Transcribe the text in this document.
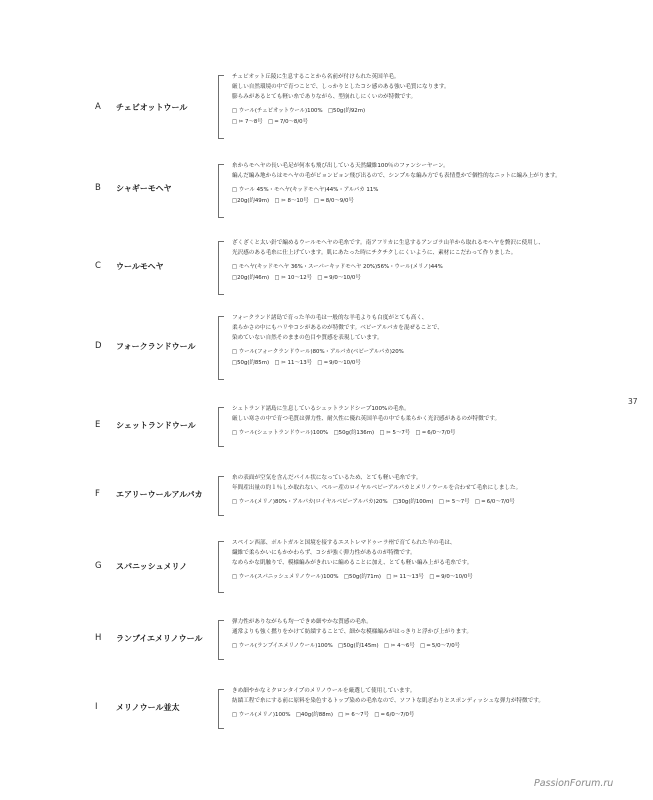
A チェビオットウール
チェビオット丘陵に生息することから名前が付けられた英国羊毛。
厳しい自然環境の中で育つことで、しっかりとしたコシ感のある強い毛質になります。
膨らみがあるとても軽い糸でありながら、型崩れしにくいのが特徴です。
□ ウール(チェビオットウール)100%　□50g(約92m)
□ ✂ 7～8号　□ ━ 7/0～8/0号
B シャギーモヘヤ
糸からモヘヤの長い毛足が何本も飛び出している天然繊維100％のファンシーヤーン。
編んだ編み地からはモヘヤの毛がビョンビョン飛び出るので、シンプルな編み方でも表情豊かで個性的なニットに編み上がります。
□ ウール 45%・モヘヤ(キッドモヘヤ)44%・アルパカ 11%
□20g(約49m)　□ ✂ 8～10号　□ ━ 8/0～9/0号
C ウールモヘヤ
ざくざくと太い針で編めるウールモヘヤの毛糸です。南アフリカに生息するアンゴラ山羊から取れるモヘヤを贅沢に使用し、
光沢感のある毛糸に仕上げています。肌にあたった時にチクチクしにくいように、素材にこだわって作りました。
□ モヘヤ(キッドモヘヤ 36%・スーパーキッドモヘヤ 20%)56%・ウール(メリノ)44%
□20g(約46m)　□ ✂ 10～12号　□ ━ 9/0～10/0号
D フォークランドウール
フォークランド諸島で育った羊の毛は一般的な羊毛よりも白度がとても高く、
柔らかさの中にもハリやコシがあるのが特徴です。ベビーアルパカを混ぜることで、
染めていない自然そのままの色目や質感を表現しています。
□ ウール(フォークランドウール)80%・アルパカ(ベビーアルパカ)20%
□50g(約85m)　□ ✂ 11～13号　□ ━ 9/0～10/0号
E シェットランドウール
シェトランド諸島に生息しているシェットランドシープ100%の毛糸。
厳しい寒さの中で育つ毛質は弾力性、耐久性に優れ英国羊毛の中でも柔らかく光沢感があるのが特徴です。
□ ウール(シェットランドウール)100%　□50g(約136m)　□ ✂ 5～7号　□ ━ 6/0～7/0号
F エアリーウールアルパカ
糸の表面が空気を含んだパイル状になっているため、とても軽い毛糸です。
年間産出量の約１％しか取れない、ペルー産のロイヤルベビーアルパカとメリノウールを合わせて毛糸にしました。
□ ウール(メリノ)80%・アルパカ(ロイヤルベビーアルパカ)20%　□30g(約100m)　□ ✂ 5～7号　□ ━ 6/0～7/0号
G スパニッシュメリノ
スペイン西部、ポルトガルと国境を接するエストレマドゥーラ州で育てられた羊の毛は、
繊維で柔らかいにもかかわらず、コシが強く弾力性があるのが特徴です。
なめらかな肌触りで、模様編みがきれいに編めることに加え、とても軽い編み上がる毛糸です。
□ ウール(スパニッシュメリノウール)100%　□50g(約71m)　□ ✂ 11～13号　□ ━ 9/0～10/0号
H ランブイエメリノウール
弾力性がありながらも均一できめ細やかな質感の毛糸。
通常よりも強く撚りをかけて紡績することで、細かな模様編みがはっきりと浮かび上がります。
□ ウール(ランブイエメリノウール)100%　□50g(約145m)　□ ✂ 4～6号　□ ━ 5/0～7/0号
I メリノウール並太
きめ細やかなミクロンタイプのメリノウールを厳選して使用しています。
紡績工程で糸にする前に原料を染色するトップ染めの毛糸なので、ソフトな肌ざわりとスポンディッシュな弾力が特徴です。
□ ウール(メリノ)100%　□40g(約88m)　□ ✂ 6～7号　□ ━ 6/0～7/0号
37
PassionForum.ru
